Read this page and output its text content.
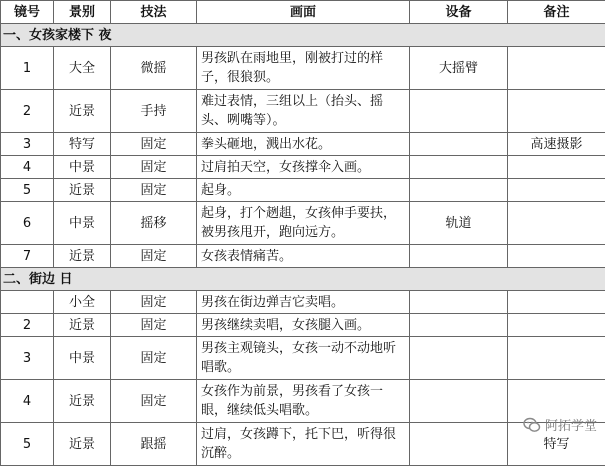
镜号	景别	技法	画面	设备	备注
一、女孩家楼下 夜					
1	大全	微摇	男孩趴在雨地里，刚被打过的样子，很狼狈。	大摇臂	
2	近景	手持	难过表情，三组以上（抬头、摇头、咧嘴等）。		
3	特写	固定	拳头砸地，溅出水花。		高速摄影
4	中景	固定	过肩拍天空，女孩撑伞入画。		
5	近景	固定	起身。		
6	中景	摇移	起身，打个趔趄，女孩伸手要扶，被男孩甩开，跑向远方。	轨道	
7	近景	固定	女孩表情痛苦。		
二、街边 日					
	小全	固定	男孩在街边弹吉它卖唱。		
2	近景	固定	男孩继续卖唱，女孩腿入画。		
3	中景	固定	男孩主观镜头，女孩一动不动地听唱歌。		
4	近景	固定	女孩作为前景，男孩看了女孩一眼，继续低头唱歌。		
5	近景	跟摇	过肩，女孩蹲下，托下巴，听得很沉醉。		特写
阿拓学堂
